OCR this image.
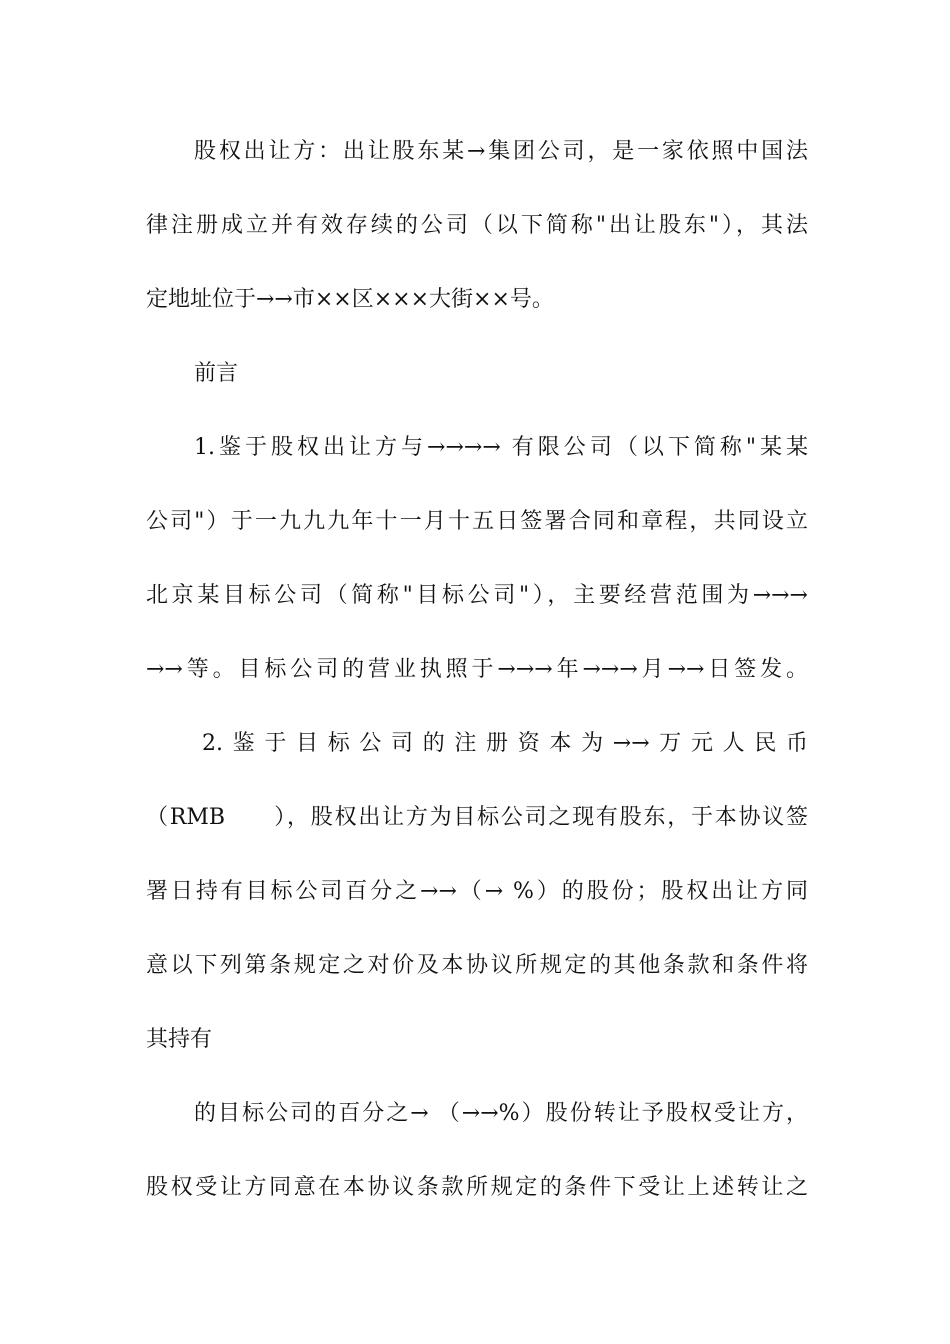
股权出让方：出让股东某→集团公司，是一家依照中国法
律注册成立并有效存续的公司（以下简称"出让股东"），其法
定地址位于→→市××区×××大街××号。
前言
1.鉴于股权出让方与→→→→ 有限公司（以下简称"某某
公司"）于一九九九年十一月十五日签署合同和章程，共同设立
北京某目标公司（简称"目标公司"），主要经营范围为→→→
→→等。目标公司的营业执照于→→→年→→→月→→日签发。
2.鉴于目标公司的注册资本为→→万元人民币
（RMB　　），股权出让方为目标公司之现有股东，于本协议签
署日持有目标公司百分之→→（→ %）的股份；股权出让方同
意以下列第条规定之对价及本协议所规定的其他条款和条件将
其持有
的目标公司的百分之→ （→→%）股份转让予股权受让方，
股权受让方同意在本协议条款所规定的条件下受让上述转让之
